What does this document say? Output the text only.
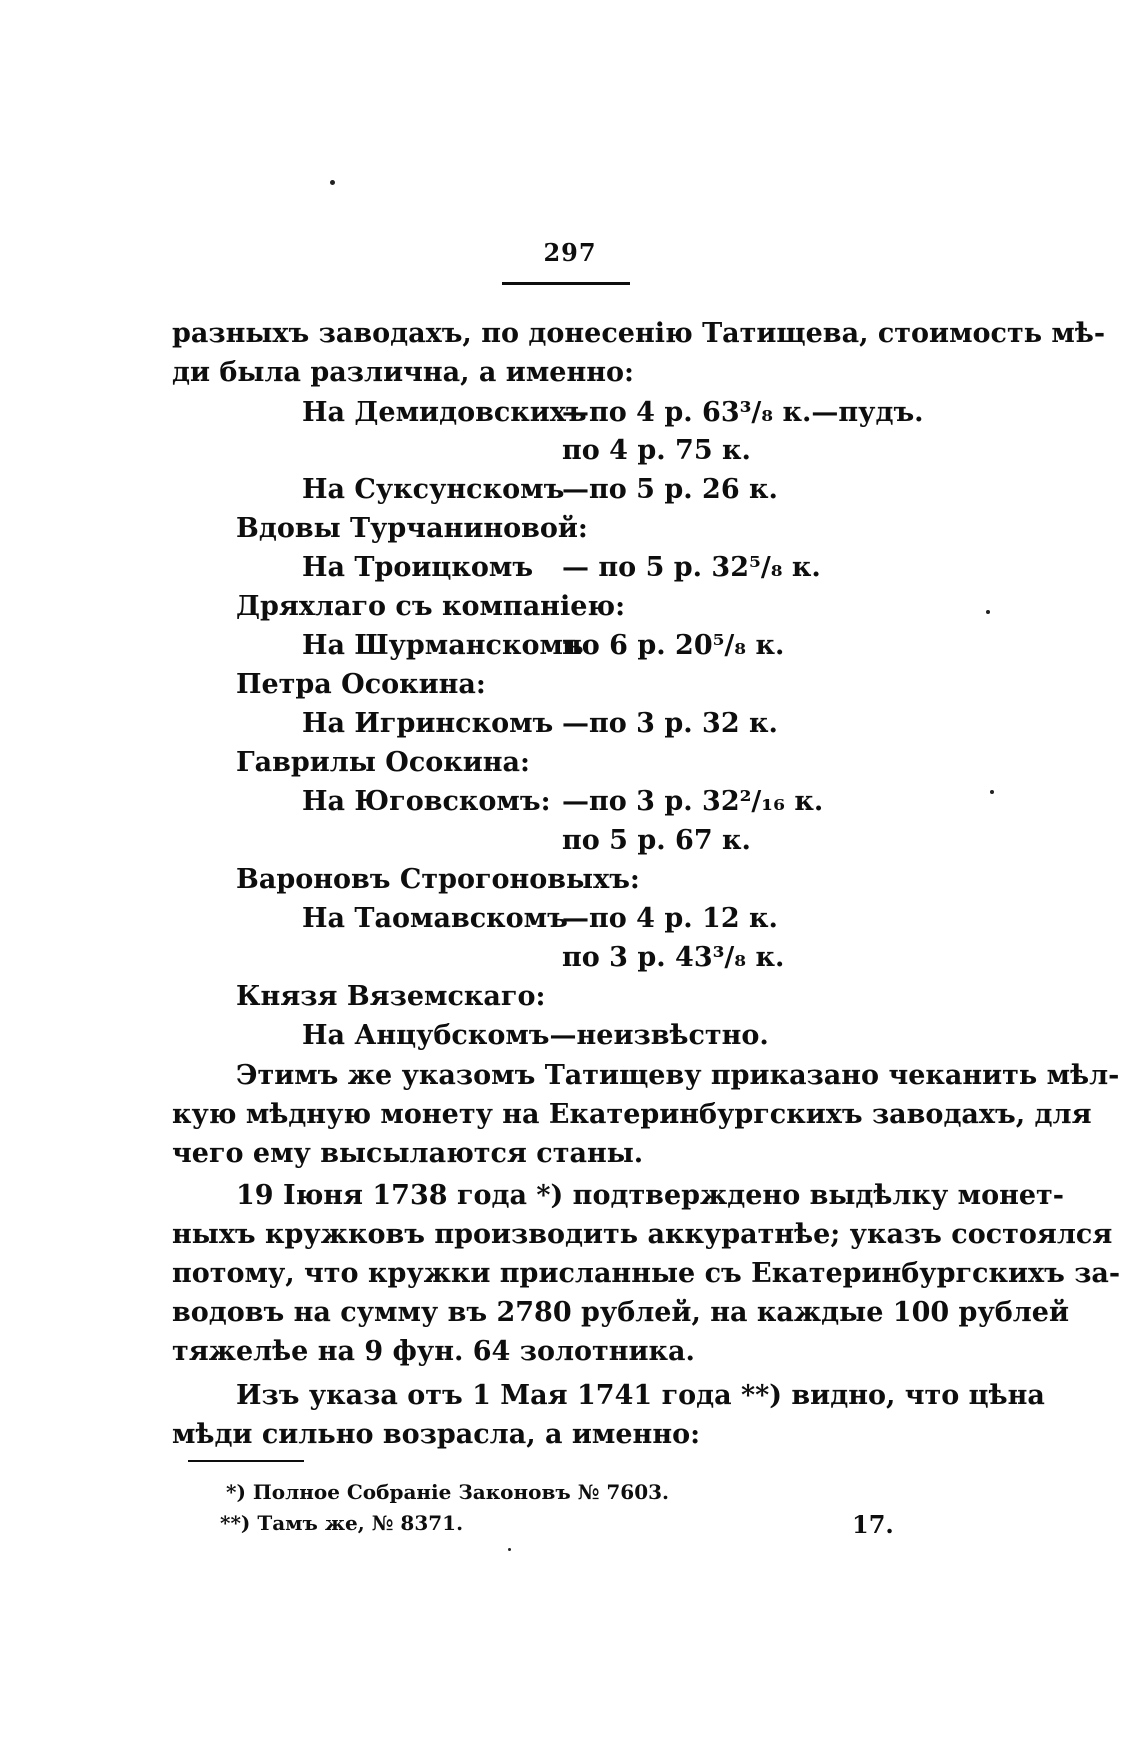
297
разныхъ заводахъ, по донесенію Татищева, стоимость мѣ-
ди была различна, а именно:
На Демидовскихъ
—по 4 р. 63³/₈ к.—пудъ.
по 4 р. 75 к.
На Суксунскомъ
—по 5 р. 26 к.
Вдовы Турчаниновой:
На Троицкомъ — по 5 р. 32⁵/₈ к.
Дряхлаго съ компаніею:
На Шурманскомъ
по 6 р. 20⁵/₈ к.
Петра Осокина:
На Игринскомъ —по 3 р. 32 к.
Гаврилы Осокина:
На Юговскомъ: —по 3 р. 32²/₁₆ к.
по 5 р. 67 к.
Вароновъ Строгоновыхъ:
На Таомавскомъ
—по 4 р. 12 к.
по 3 р. 43³/₈ к.
Князя Вяземскаго:
На Анцубскомъ—неизвѣстно.
Этимъ же указомъ Татищеву приказано чеканить мѣл-
кую мѣдную монету на Екатеринбургскихъ заводахъ, для
чего ему высылаются станы.
19 Іюня 1738 года *) подтверждено выдѣлку монет-
ныхъ кружковъ производить аккуратнѣе; указъ состоялся
потому, что кружки присланные съ Екатеринбургскихъ за-
водовъ на сумму въ 2780 рублей, на каждые 100 рублей
тяжелѣе на 9 фун. 64 золотника.
Изъ указа отъ 1 Мая 1741 года **) видно, что цѣна
мѣди сильно возрасла, а именно:
*) Полное Собраніе Законовъ № 7603.
**) Тамъ же, № 8371.	17.
